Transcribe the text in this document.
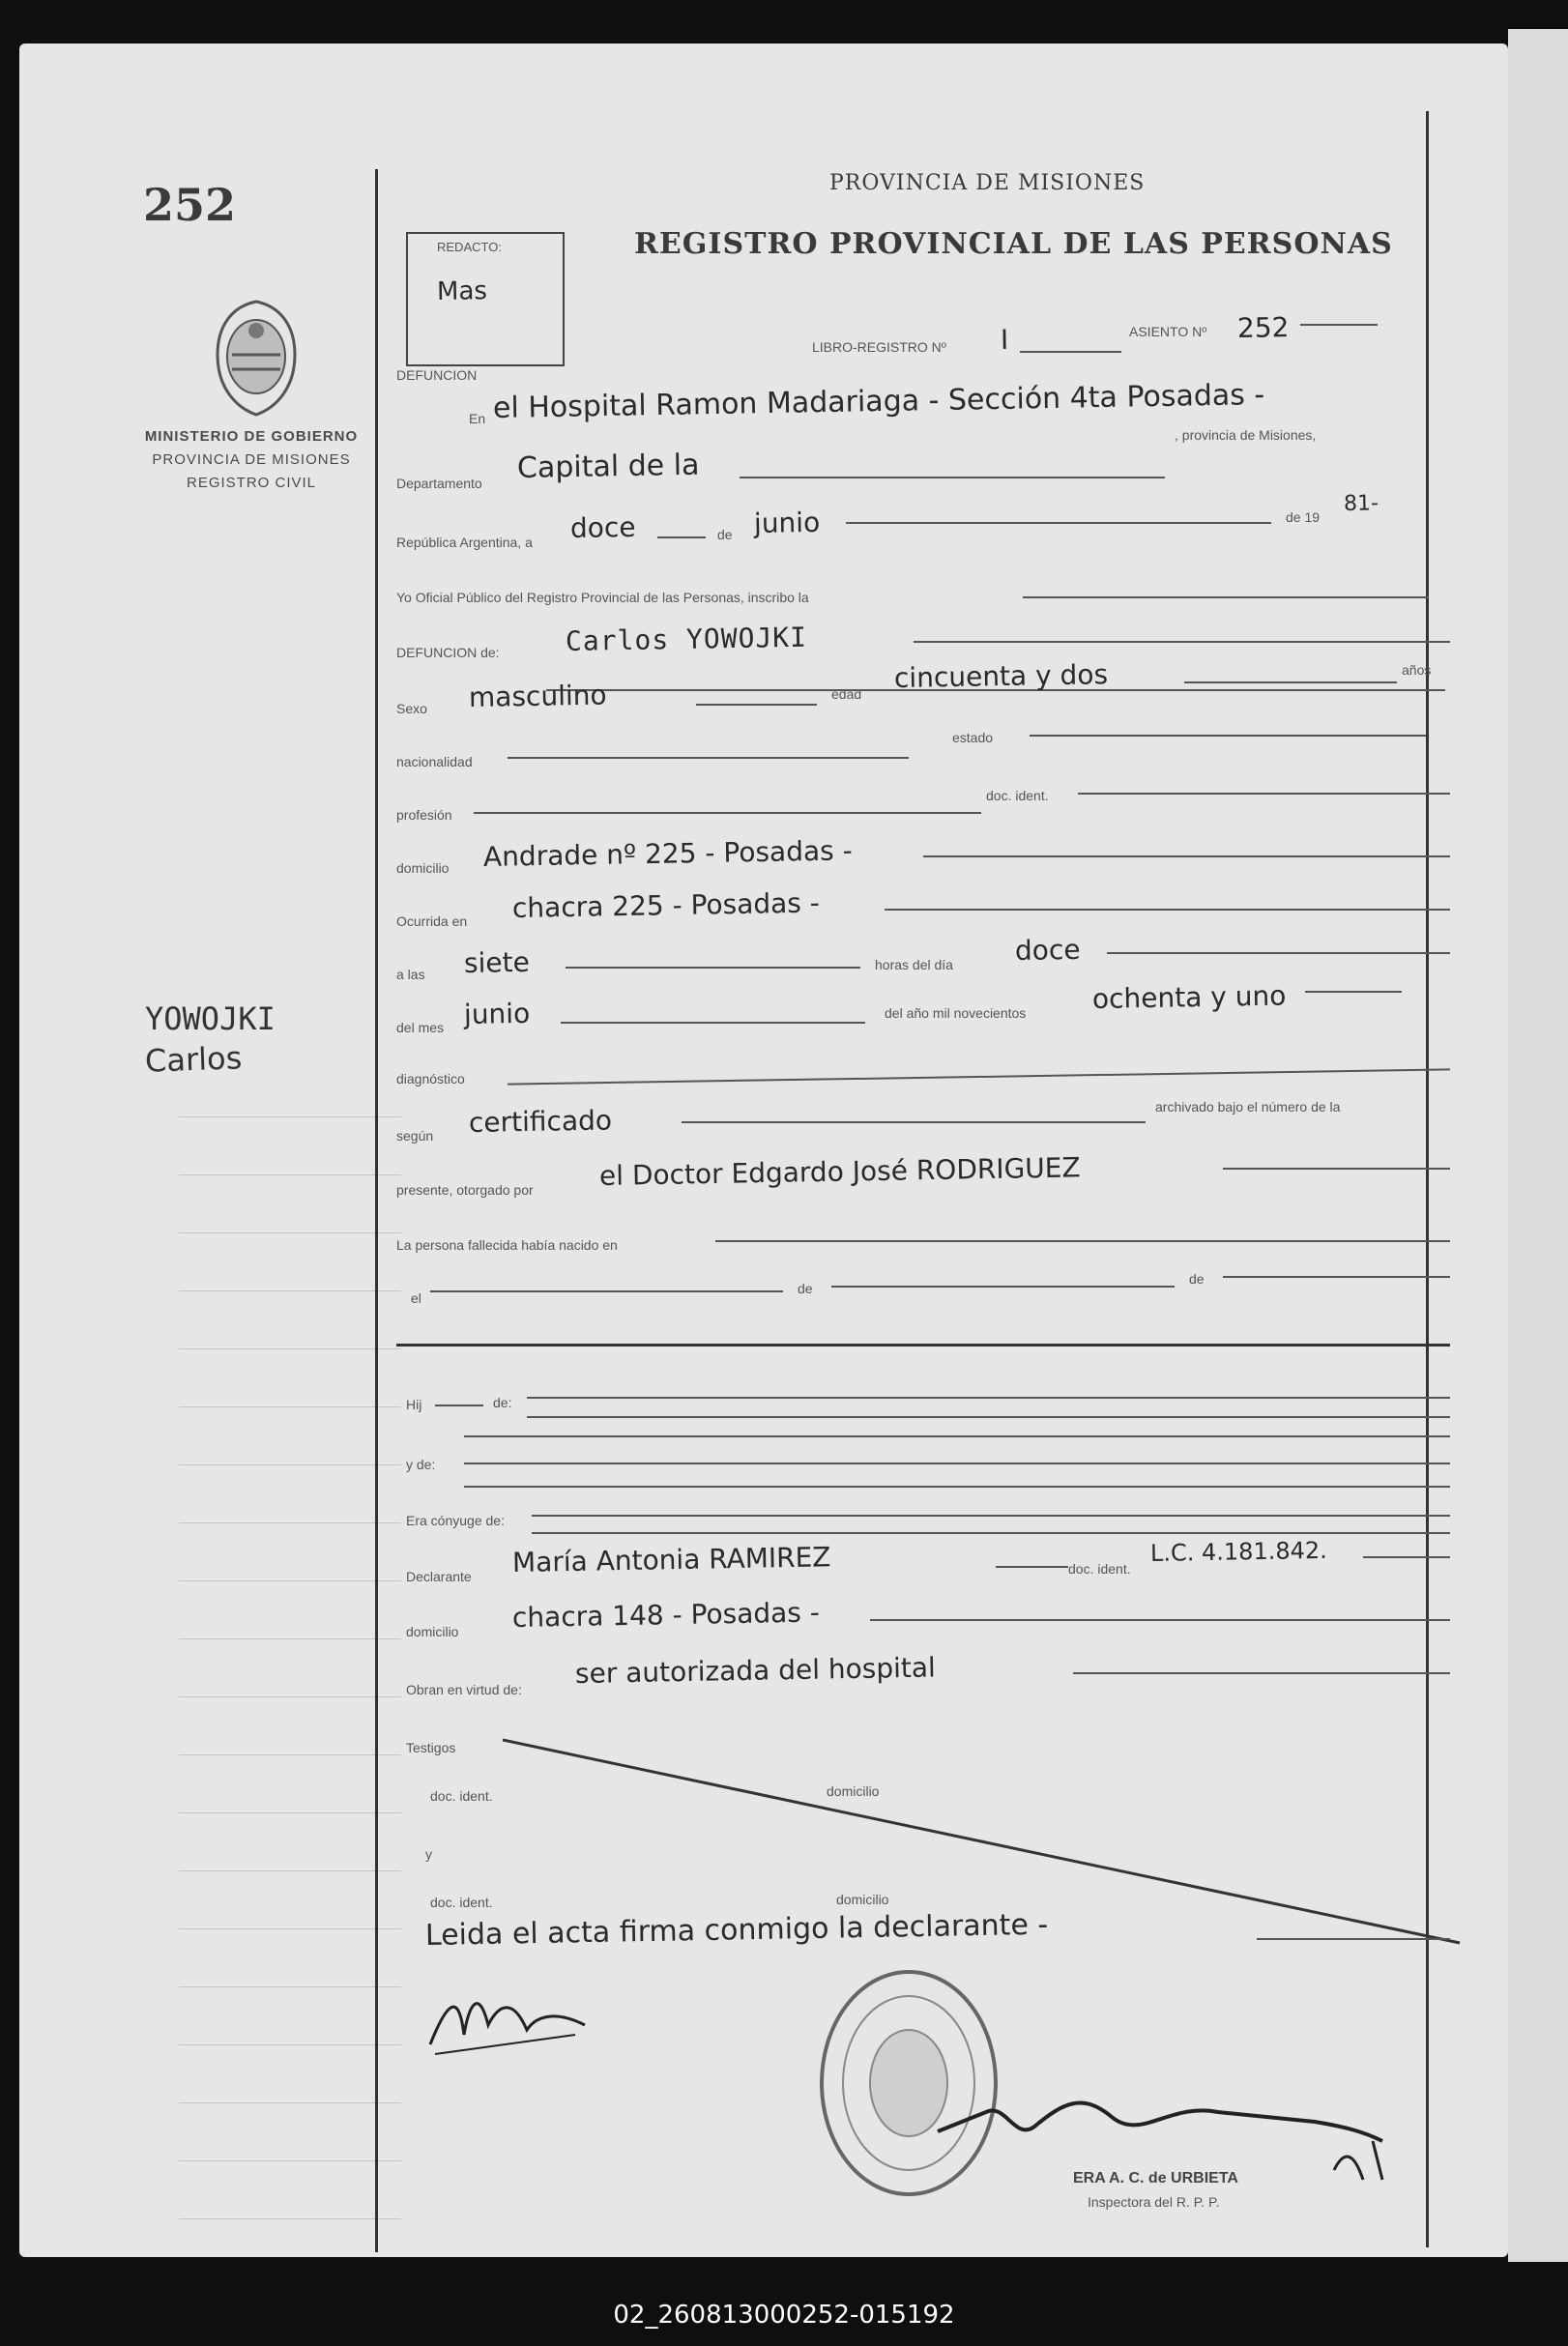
252
MINISTERIO DE GOBIERNO
PROVINCIA DE MISIONES
REGISTRO CIVIL
YOWOJKI
Carlos
REDACTO:
Mas
PROVINCIA DE MISIONES
REGISTRO PROVINCIAL DE LAS PERSONAS
LIBRO-REGISTRO Nº I	ASIENTO Nº 252
DEFUNCION
En el Hospital Ramon Madariaga - Sección 4ta Posadas -
Departamento Capital de la
, provincia de Misiones,
República Argentina, a doce	de junio	de 19
81-
Yo Oficial Público del Registro Provincial de las Personas, inscribo la
DEFUNCION de: Carlos YOWOJKI
Sexo masculino	edad
cincuenta y dos	años
nacionalidad
estado
profesión
doc. ident.
domicilio Andrade nº 225 - Posadas -
Ocurrida en chacra 225 - Posadas -
a las siete	horas del día doce
del mes junio	del año mil novecientos ochenta y uno
diagnóstico
según certificado	archivado bajo el número de la
presente, otorgado por el Doctor Edgardo José RODRIGUEZ
La persona fallecida había nacido en
el
de
de
Hij	de:
y de:
Era cónyuge de:
Declarante María Antonia RAMIREZ	doc. ident.
L.C. 4.181.842.
domicilio chacra 148 - Posadas -
Obran en virtud de:
ser autorizada del hospital
Testigos
doc. ident.	domicilio
y
doc. ident.	domicilio
Leida el acta firma conmigo la declarante -
ERA A. C. de URBIETA
Inspectora del R. P. P.
02_260813000252-015192
